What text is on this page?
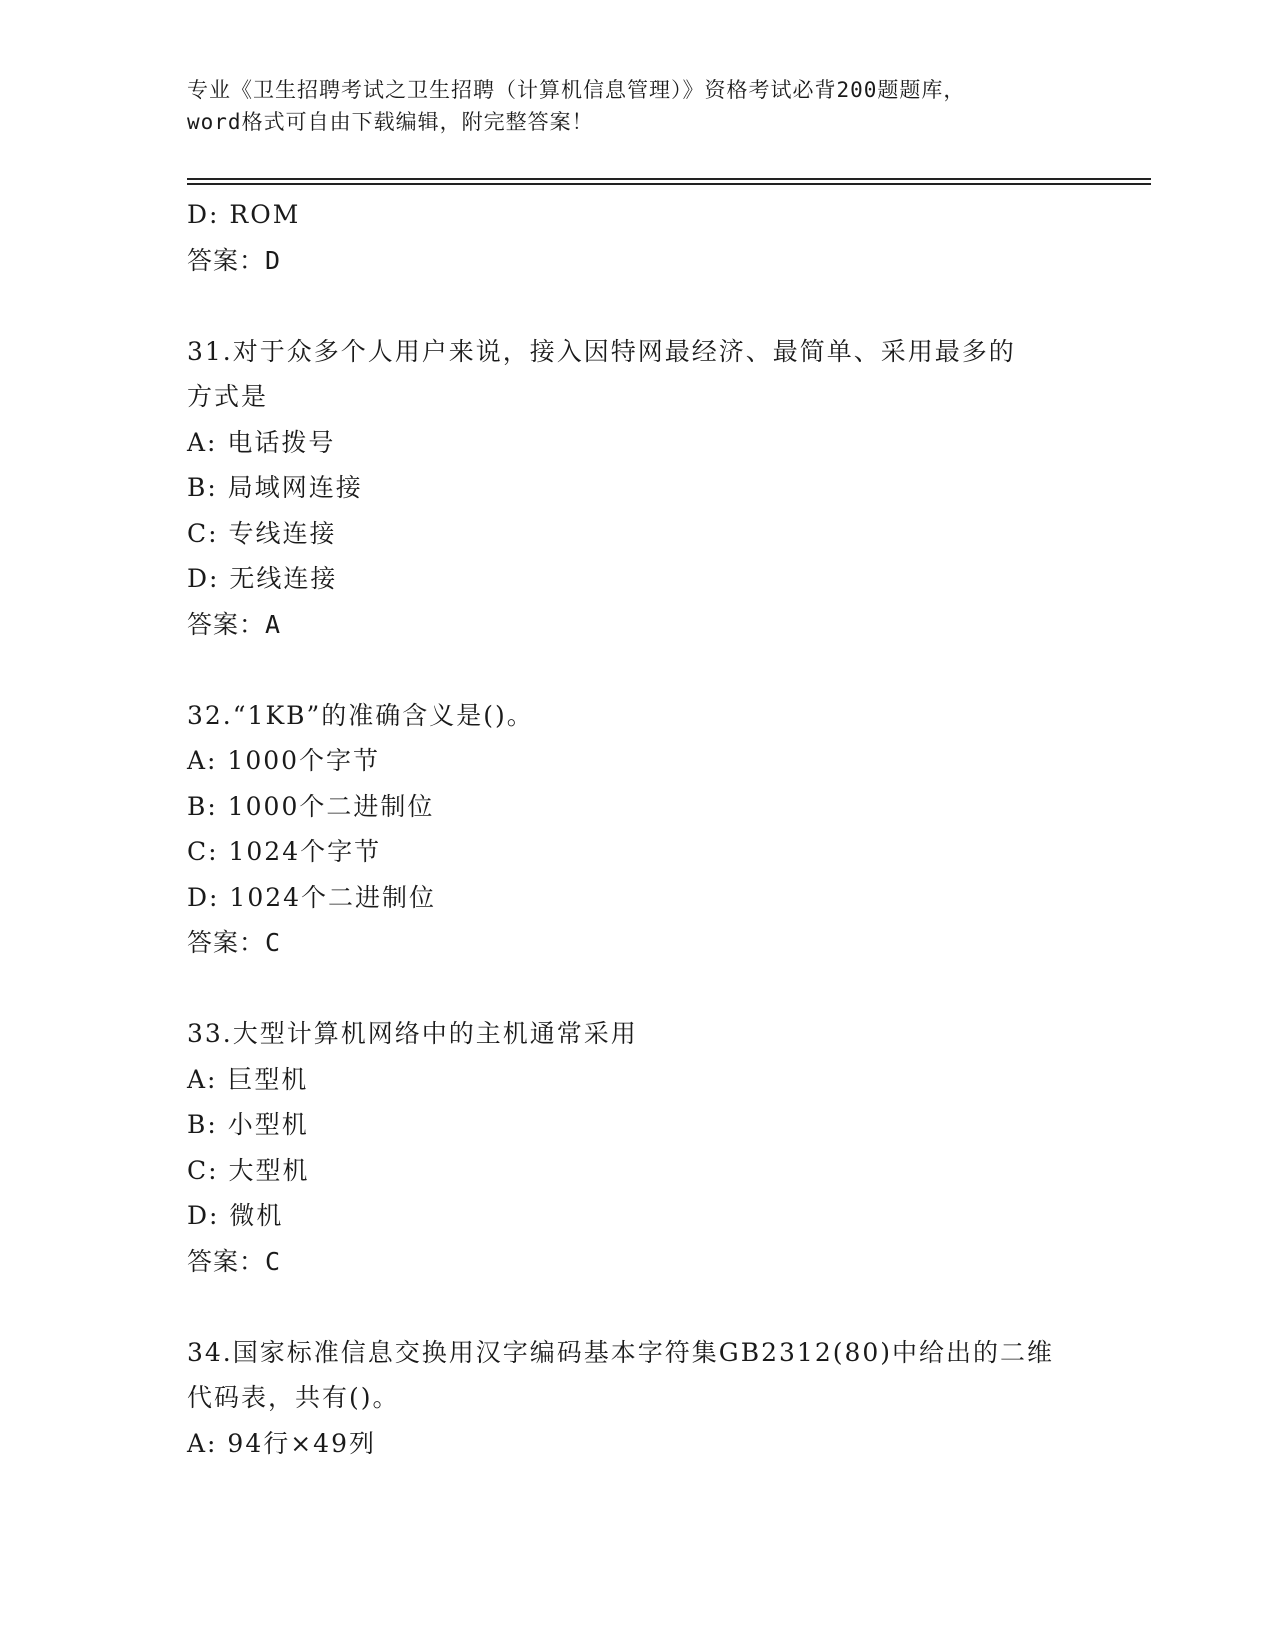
专业《卫生招聘考试之卫生招聘（计算机信息管理）》资格考试必背200题题库，
word格式可自由下载编辑，附完整答案！
D: ROM
答案：D
31.对于众多个人用户来说，接入因特网最经济、最简单、采用最多的
方式是
A: 电话拨号
B: 局域网连接
C: 专线连接
D: 无线连接
答案：A
32.“1KB”的准确含义是()。
A: 1000个字节
B: 1000个二进制位
C: 1024个字节
D: 1024个二进制位
答案：C
33.大型计算机网络中的主机通常采用
A: 巨型机
B: 小型机
C: 大型机
D: 微机
答案：C
34.国家标准信息交换用汉字编码基本字符集GB2312(80)中给出的二维
代码表，共有()。
A: 94行×49列
